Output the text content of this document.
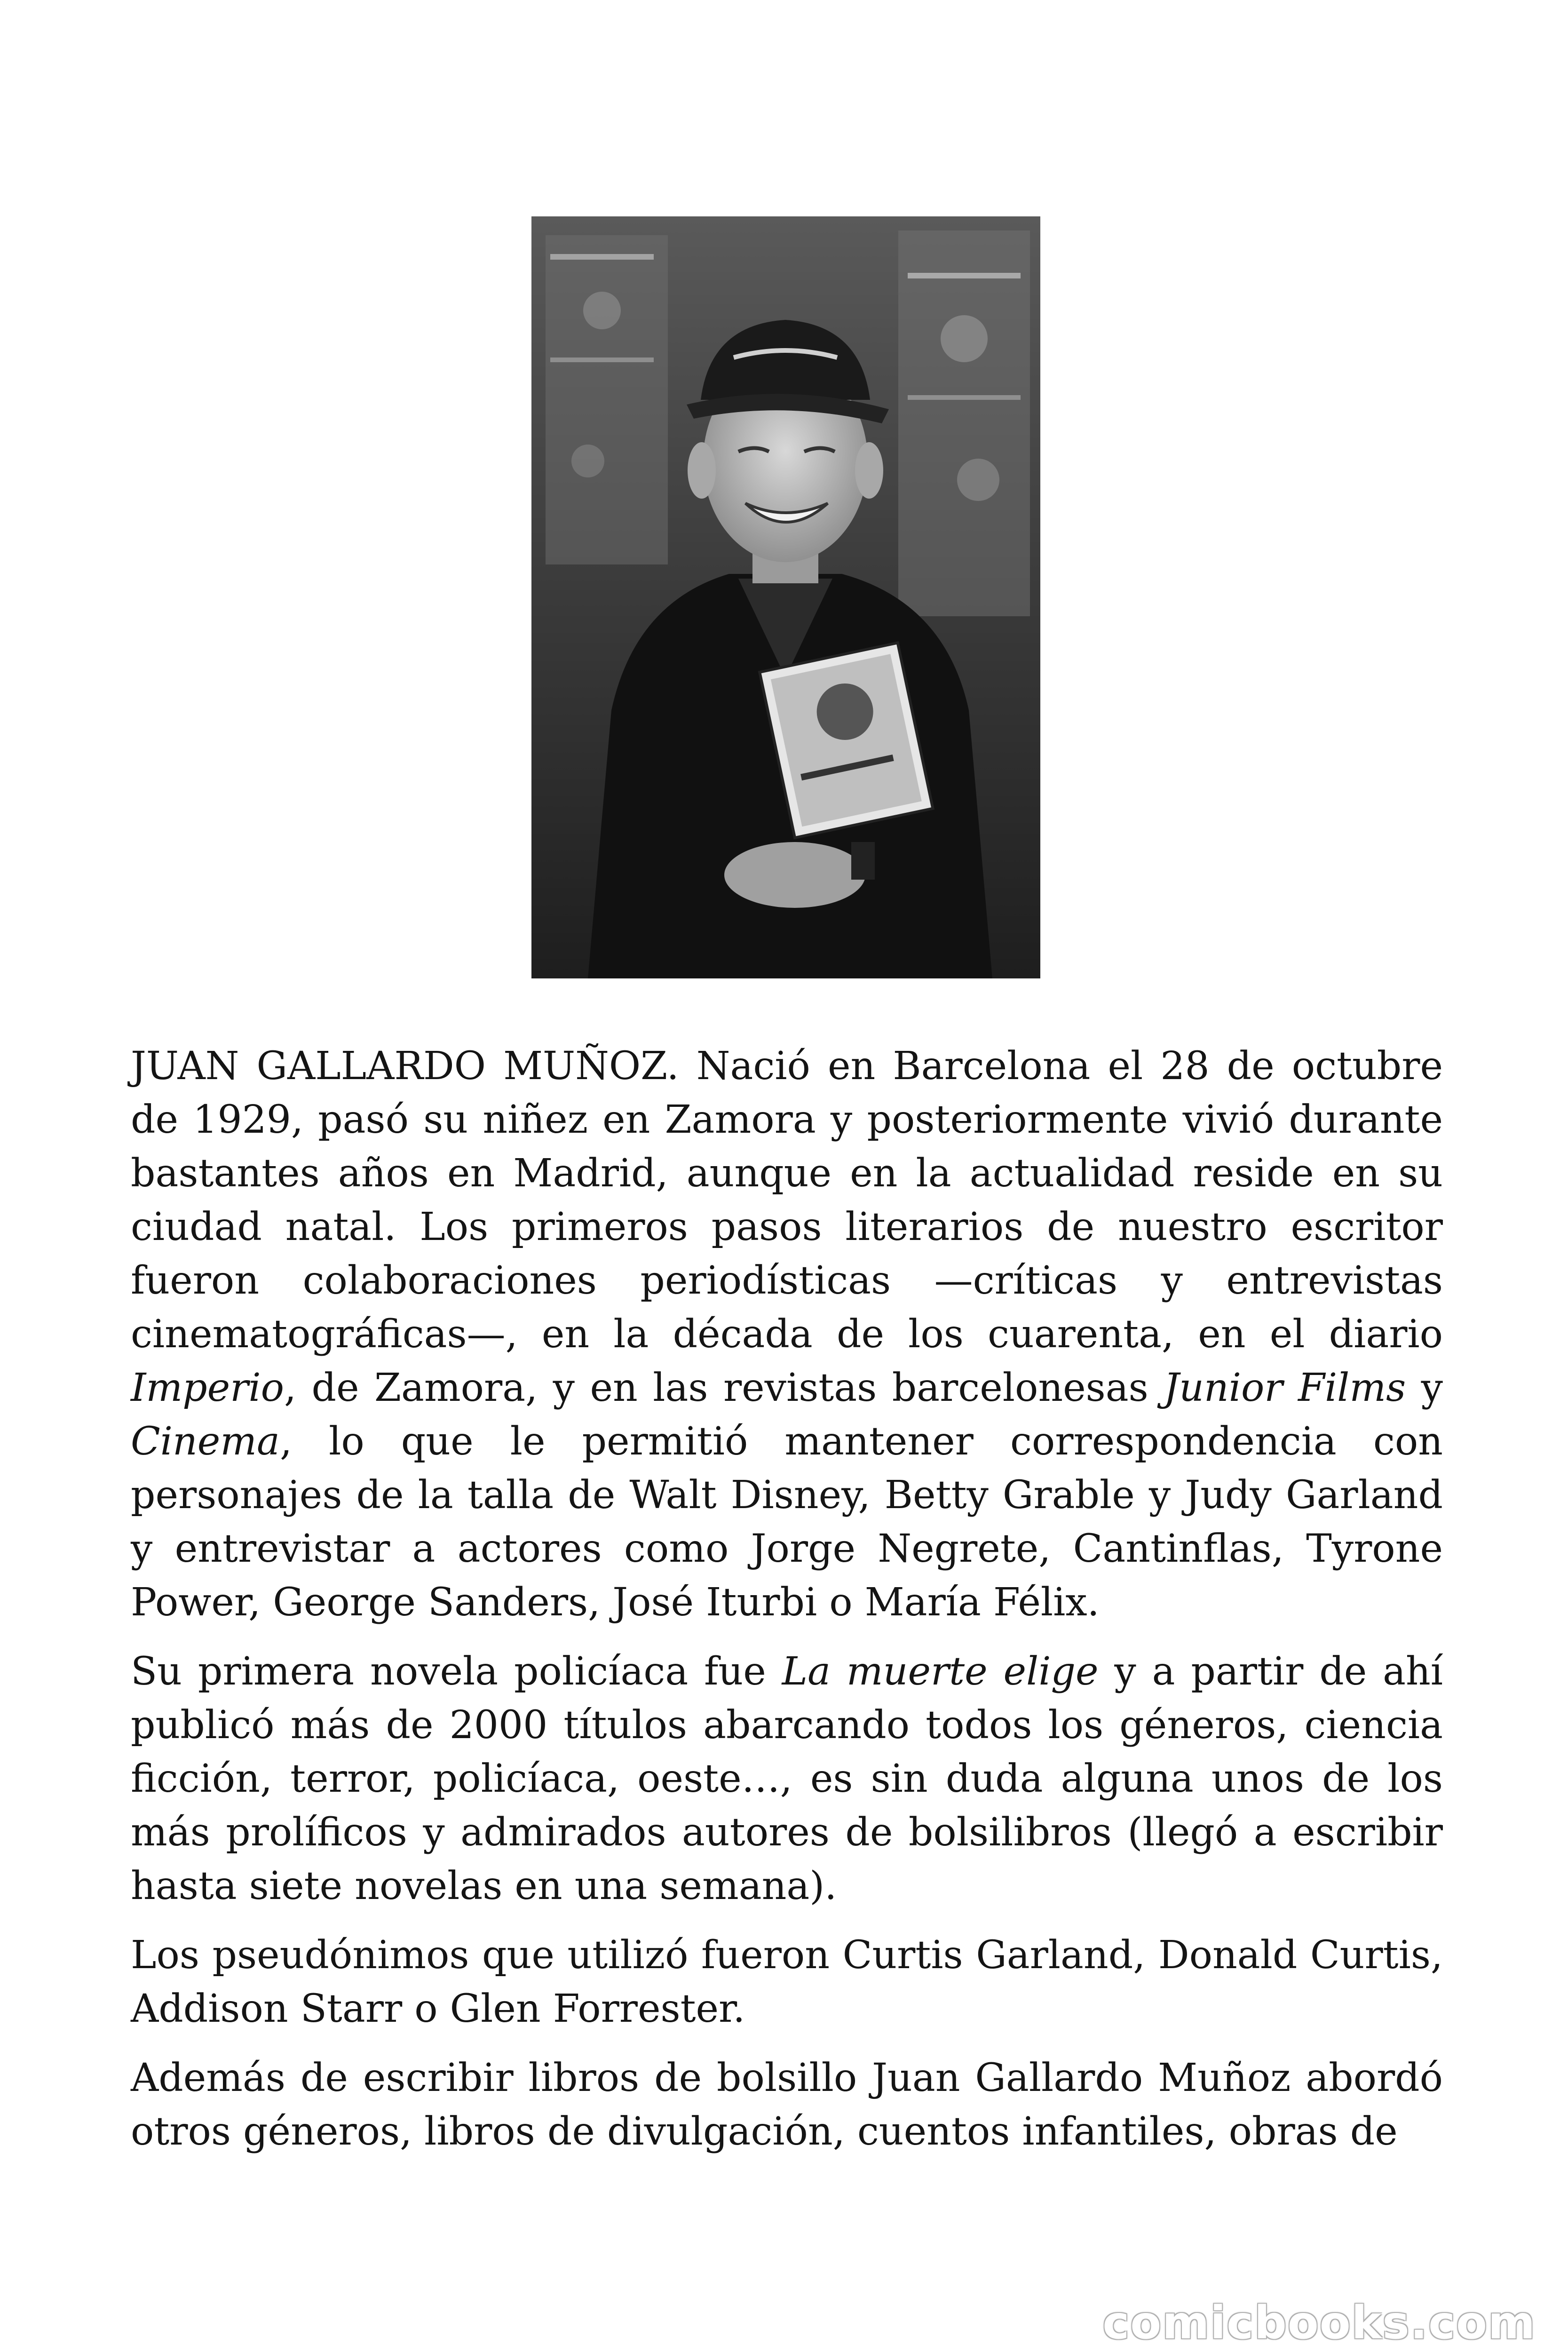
JUAN GALLARDO MUÑOZ. Nació en Barcelona el 28 de octubre de 1929, pasó su niñez en Zamora y posteriormente vivió durante bastantes años en Madrid, aunque en la actualidad reside en su ciudad natal. Los primeros pasos literarios de nuestro escritor fueron colaboraciones periodísticas —críticas y entrevistas cinematográficas—, en la década de los cuarenta, en el diario Imperio, de Zamora, y en las revistas barcelonesas Junior Films y Cinema, lo que le permitió mantener correspondencia con personajes de la talla de Walt Disney, Betty Grable y Judy Garland y entrevistar a actores como Jorge Negrete, Cantinflas, Tyrone Power, George Sanders, José Iturbi o María Félix.

Su primera novela policíaca fue La muerte elige y a partir de ahí publicó más de 2000 títulos abarcando todos los géneros, ciencia ficción, terror, policíaca, oeste…, es sin duda alguna unos de los más prolíficos y admirados autores de bolsilibros (llegó a escribir hasta siete novelas en una semana).

Los pseudónimos que utilizó fueron Curtis Garland, Donald Curtis, Addison Starr o Glen Forrester.

Además de escribir libros de bolsillo Juan Gallardo Muñoz abordó otros géneros, libros de divulgación, cuentos infantiles, obras de

comicbooks.com
